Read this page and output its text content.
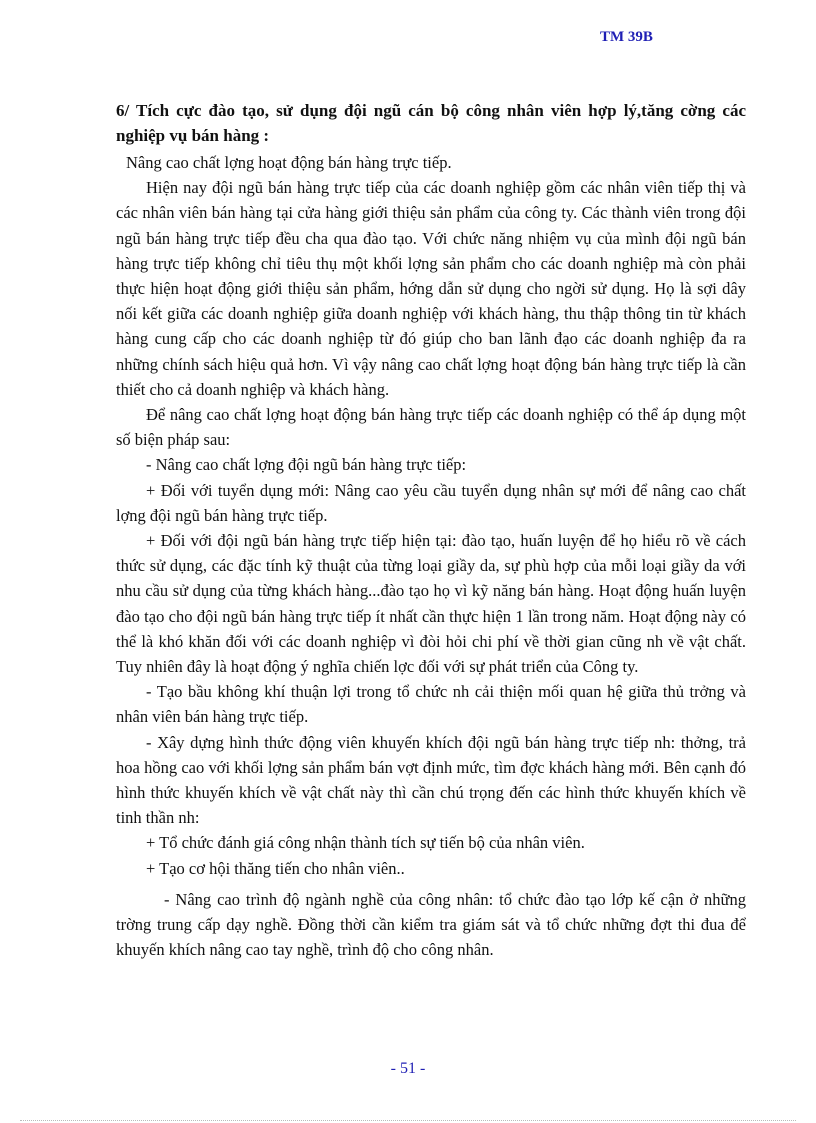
TM 39B

6/ Tích cực đào tạo, sử dụng đội ngũ cán bộ công nhân viên hợp lý,tăng cờng các nghiệp vụ bán hàng :

Nâng cao chất lợng hoạt động bán hàng trực tiếp.

Hiện nay đội ngũ bán hàng trực tiếp của các doanh nghiệp gồm các nhân viên tiếp thị và các nhân viên bán hàng tại cửa hàng giới thiệu sản phẩm của công ty. Các thành viên trong đội ngũ bán hàng trực tiếp đều cha qua đào tạo. Với chức năng nhiệm vụ của mình đội ngũ bán hàng trực tiếp không chỉ tiêu thụ một khối lợng sản phẩm cho các doanh nghiệp mà còn phải thực hiện hoạt động giới thiệu sản phẩm, hớng dẫn sử dụng cho ngời sử dụng. Họ là sợi dây nối kết giữa các doanh nghiệp giữa doanh nghiệp với khách hàng, thu thập thông tin từ khách hàng cung cấp cho các doanh nghiệp từ đó giúp cho ban lãnh đạo các doanh nghiệp đa ra những chính sách hiệu quả hơn. Vì vậy nâng cao chất lợng hoạt động bán hàng trực tiếp là cần thiết cho cả doanh nghiệp và khách hàng.

Để nâng cao chất lợng hoạt động bán hàng trực tiếp các doanh nghiệp có thể áp dụng một số biện pháp sau:

- Nâng cao chất lợng đội ngũ bán hàng trực tiếp:

+ Đối với tuyển dụng mới: Nâng cao yêu cầu tuyển dụng nhân sự mới để nâng cao chất lợng đội ngũ bán hàng trực tiếp.

+ Đối với đội ngũ bán hàng trực tiếp hiện tại: đào tạo, huấn luyện để họ hiểu rõ về cách thức sử dụng, các đặc tính kỹ thuật của từng loại giầy da, sự phù hợp của mỗi loại giầy da với nhu cầu sử dụng của từng khách hàng...đào tạo họ vì kỹ năng bán hàng. Hoạt động huấn luyện đào tạo cho đội ngũ bán hàng trực tiếp ít nhất cần thực hiện 1 lần trong năm. Hoạt động này có thể là khó khăn đối với các doanh nghiệp vì đòi hỏi chi phí về thời gian cũng nh về vật chất. Tuy nhiên đây là hoạt động ý nghĩa chiến lợc đối với sự phát triển của Công ty.

- Tạo bầu không khí thuận lợi trong tổ chức nh cải thiện mối quan hệ giữa thủ trởng và nhân viên bán hàng trực tiếp.

- Xây dựng hình thức động viên khuyến khích đội ngũ bán hàng trực tiếp nh: thởng, trả hoa hồng cao với khối lợng sản phẩm bán vợt định mức, tìm đợc khách hàng mới. Bên cạnh đó hình thức khuyến khích về vật chất này thì cần chú trọng đến các hình thức khuyến khích về tinh thần nh:

+ Tổ chức đánh giá công nhận thành tích sự tiến bộ của nhân viên.

+ Tạo cơ hội thăng tiến cho nhân viên..

- Nâng cao trình độ ngành nghề của công nhân: tổ chức đào tạo lớp kế cận ở những trờng trung cấp dạy nghề. Đồng thời cần kiểm tra giám sát và tổ chức những đợt thi đua để khuyến khích nâng cao tay nghề, trình độ cho công nhân.

- 51 -
